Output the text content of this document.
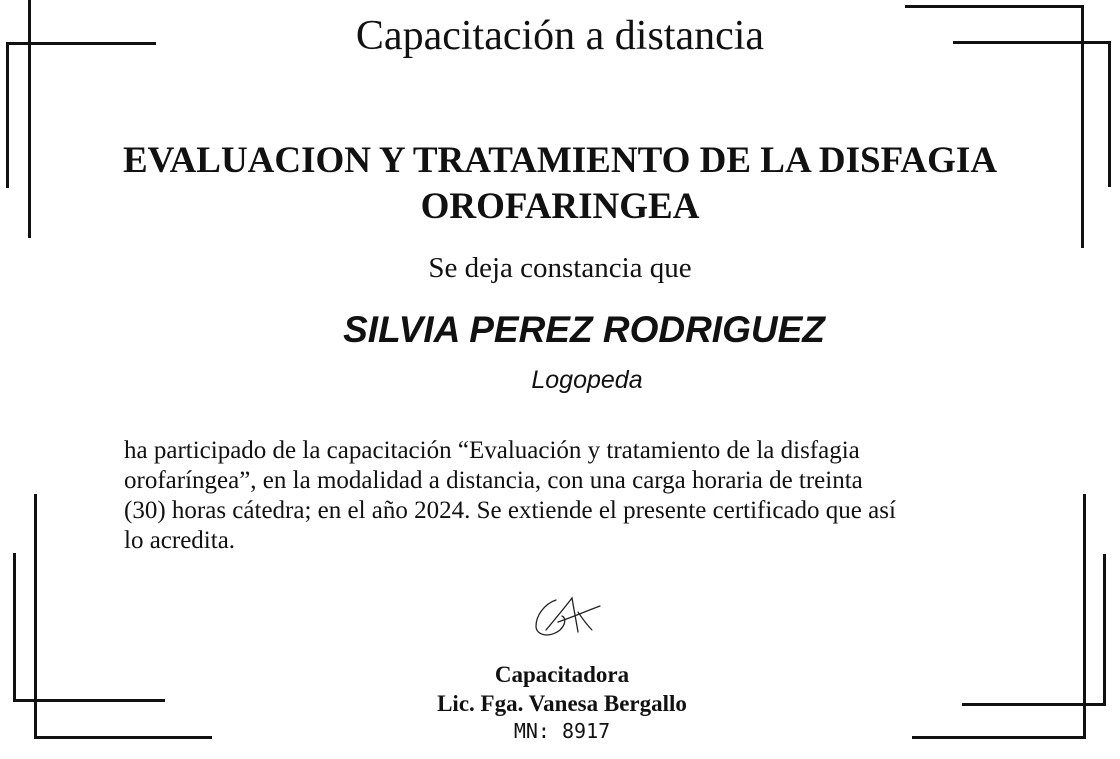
Capacitación a distancia
EVALUACION Y TRATAMIENTO DE LA DISFAGIA
OROFARINGEA
Se deja constancia que
SILVIA PEREZ RODRIGUEZ
Logopeda
ha participado de la capacitación “Evaluación y tratamiento de la disfagia
orofaríngea”, en la modalidad a distancia, con una carga horaria de treinta
(30) horas cátedra; en el año 2024. Se extiende el presente certificado que así
lo acredita.
Capacitadora
Lic. Fga. Vanesa Bergallo
MN: 8917
